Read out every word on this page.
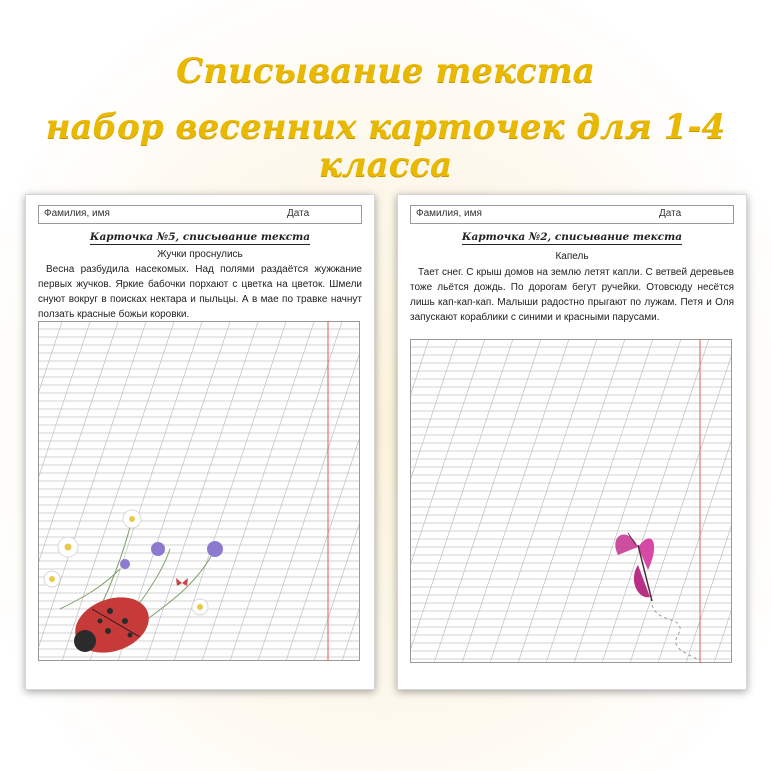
Списывание текста
набор весенних карточек для 1-4 класса
Фамилия, имя	Дата
Карточка №5, списывание текста
Жучки проснулись
Весна разбудила насекомых. Над полями раздаётся жужжание первых жучков. Яркие бабочки порхают с цветка на цветок. Шмели снуют вокруг в поисках нектара и пыльцы. А в мае по травке начнут ползать красные божьи коровки.
Фамилия, имя	Дата
Карточка №2, списывание текста
Капель
Тает снег. С крыш домов на землю летят капли. С ветвей деревьев тоже льётся дождь. По дорогам бегут ручейки. Отовсюду несётся лишь кап-кап-кап. Малыши радостно прыгают по лужам. Петя и Оля запускают кораблики с синими и красными парусами.
